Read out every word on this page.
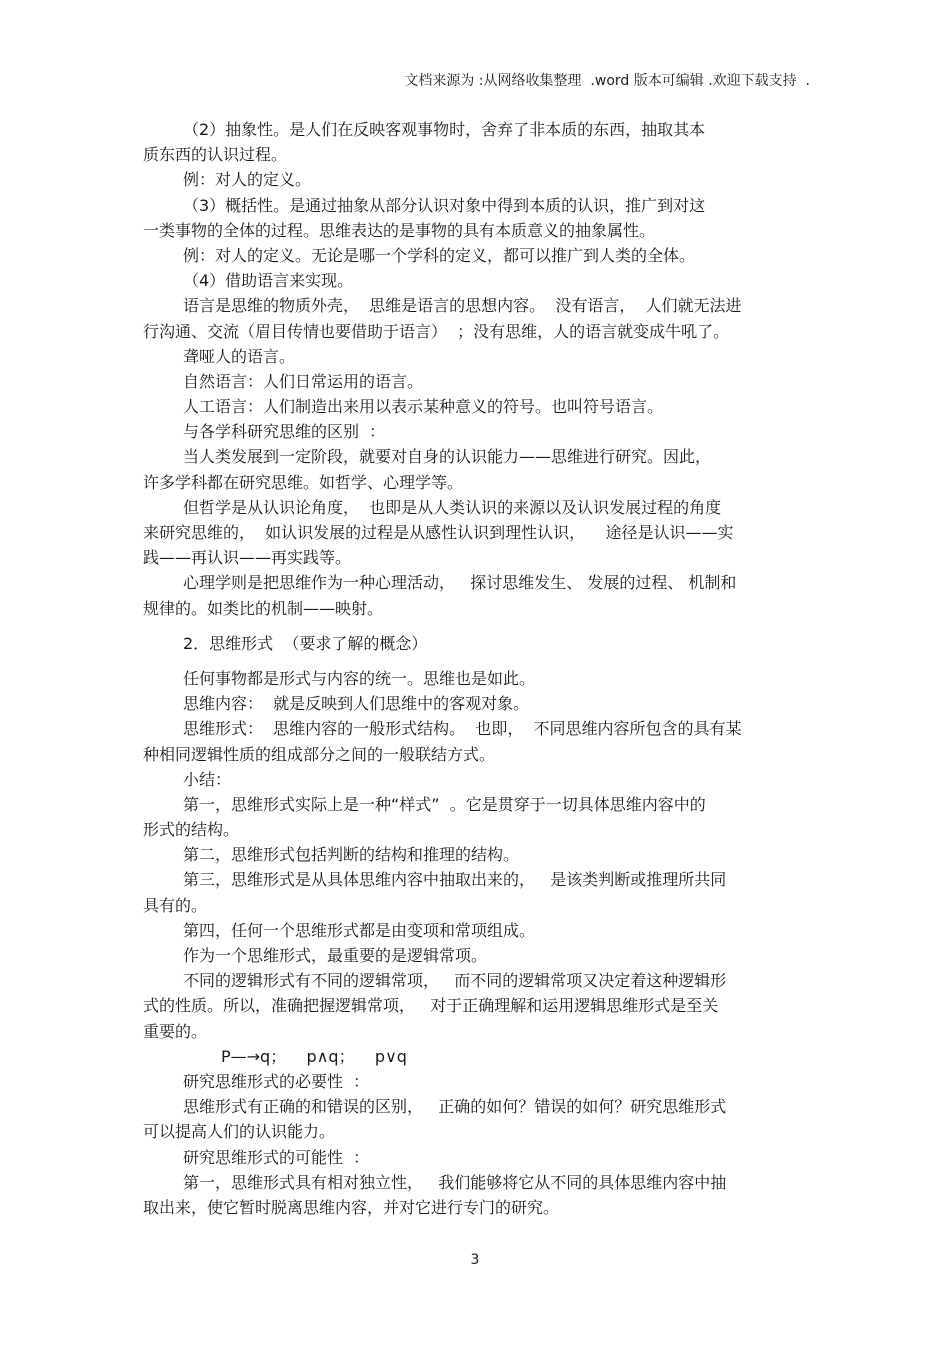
文档来源为 :从网络收集整理  .word 版本可编辑 .欢迎下载支持  .
（2）抽象性。是人们在反映客观事物时，舍弃了非本质的东西，抽取其本
质东西的认识过程。
例：对人的定义。
（3）概括性。是通过抽象从部分认识对象中得到本质的认识，推广到对这
一类事物的全体的过程。思维表达的是事物的具有本质意义的抽象属性。
例：对人的定义。无论是哪一个学科的定义，都可以推广到人类的全体。
（4）借助语言来实现。
语言是思维的物质外壳，  思维是语言的思想内容。  没有语言，  人们就无法进
行沟通、交流（眉目传情也要借助于语言）  ；没有思维，人的语言就变成牛吼了。
聋哑人的语言。
自然语言：人们日常运用的语言。
人工语言：人们制造出来用以表示某种意义的符号。也叫符号语言。
与各学科研究思维的区别  ：
当人类发展到一定阶段，就要对自身的认识能力——思维进行研究。因此，
许多学科都在研究思维。如哲学、心理学等。
但哲学是从认识论角度，  也即是从人类认识的来源以及认识发展过程的角度
来研究思维的，  如认识发展的过程是从感性认识到理性认识，    途径是认识——实
践——再认识——再实践等。
心理学则是把思维作为一种心理活动，   探讨思维发生、 发展的过程、 机制和
规律的。如类比的机制——映射。
2．思维形式  （要求了解的概念）
任何事物都是形式与内容的统一。思维也是如此。
思维内容：  就是反映到人们思维中的客观对象。
思维形式：  思维内容的一般形式结构。  也即，  不同思维内容所包含的具有某
种相同逻辑性质的组成部分之间的一般联结方式。
小结：
第一，思维形式实际上是一种“样式”  。它是贯穿于一切具体思维内容中的
形式的结构。
第二，思维形式包括判断的结构和推理的结构。
第三，思维形式是从具体思维内容中抽取出来的，   是该类判断或推理所共同
具有的。
第四，任何一个思维形式都是由变项和常项组成。
作为一个思维形式，最重要的是逻辑常项。
不同的逻辑形式有不同的逻辑常项，   而不同的逻辑常项又决定着这种逻辑形
式的性质。所以，准确把握逻辑常项，   对于正确理解和运用逻辑思维形式是至关
重要的。
P—→q；    p∧q；    p∨q
研究思维形式的必要性  ：
思维形式有正确的和错误的区别，   正确的如何？错误的如何？研究思维形式
可以提高人们的认识能力。
研究思维形式的可能性  ：
第一，思维形式具有相对独立性，   我们能够将它从不同的具体思维内容中抽
取出来，使它暂时脱离思维内容，并对它进行专门的研究。
3
